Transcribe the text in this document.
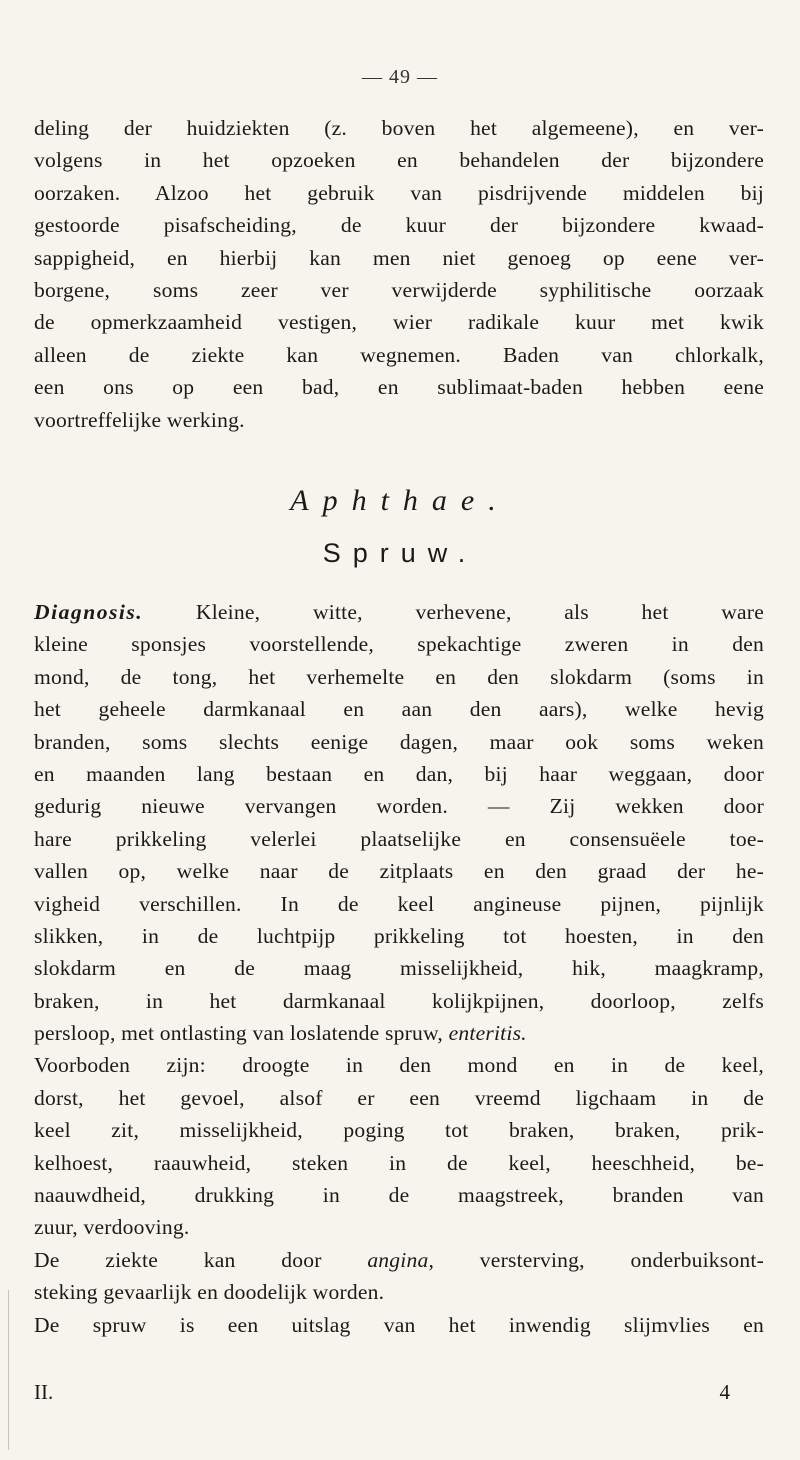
— 49 —
deling der huidziekten (z. boven het algemeene), en ver-
volgens in het opzoeken en behandelen der bijzondere
oorzaken. Alzoo het gebruik van pisdrijvende middelen bij
gestoorde pisafscheiding, de kuur der bijzondere kwaad-
sappigheid, en hierbij kan men niet genoeg op eene ver-
borgene, soms zeer ver verwijderde syphilitische oorzaak
de opmerkzaamheid vestigen, wier radikale kuur met kwik
alleen de ziekte kan wegnemen. Baden van chlorkalk,
een ons op een bad, en sublimaat-baden hebben eene
voortreffelijke werking.
Aphthae.
Spruw.
Diagnosis. Kleine, witte, verhevene, als het ware
kleine sponsjes voorstellende, spekachtige zweren in den
mond, de tong, het verhemelte en den slokdarm (soms in
het geheele darmkanaal en aan den aars), welke hevig
branden, soms slechts eenige dagen, maar ook soms weken
en maanden lang bestaan en dan, bij haar weggaan, door
gedurig nieuwe vervangen worden. — Zij wekken door
hare prikkeling velerlei plaatselijke en consensuëele toe-
vallen op, welke naar de zitplaats en den graad der he-
vigheid verschillen. In de keel angineuse pijnen, pijnlijk
slikken, in de luchtpijp prikkeling tot hoesten, in den
slokdarm en de maag misselijkheid, hik, maagkramp,
braken, in het darmkanaal kolijkpijnen, doorloop, zelfs
persloop, met ontlasting van loslatende spruw, enteritis.
Voorboden zijn: droogte in den mond en in de keel,
dorst, het gevoel, alsof er een vreemd ligchaam in de
keel zit, misselijkheid, poging tot braken, braken, prik-
kelhoest, raauwheid, steken in de keel, heeschheid, be-
naauwdheid, drukking in de maagstreek, branden van
zuur, verdooving.
De ziekte kan door angina, versterving, onderbuiksont-
steking gevaarlijk en doodelijk worden.
De spruw is een uitslag van het inwendig slijmvlies en
II.	4
